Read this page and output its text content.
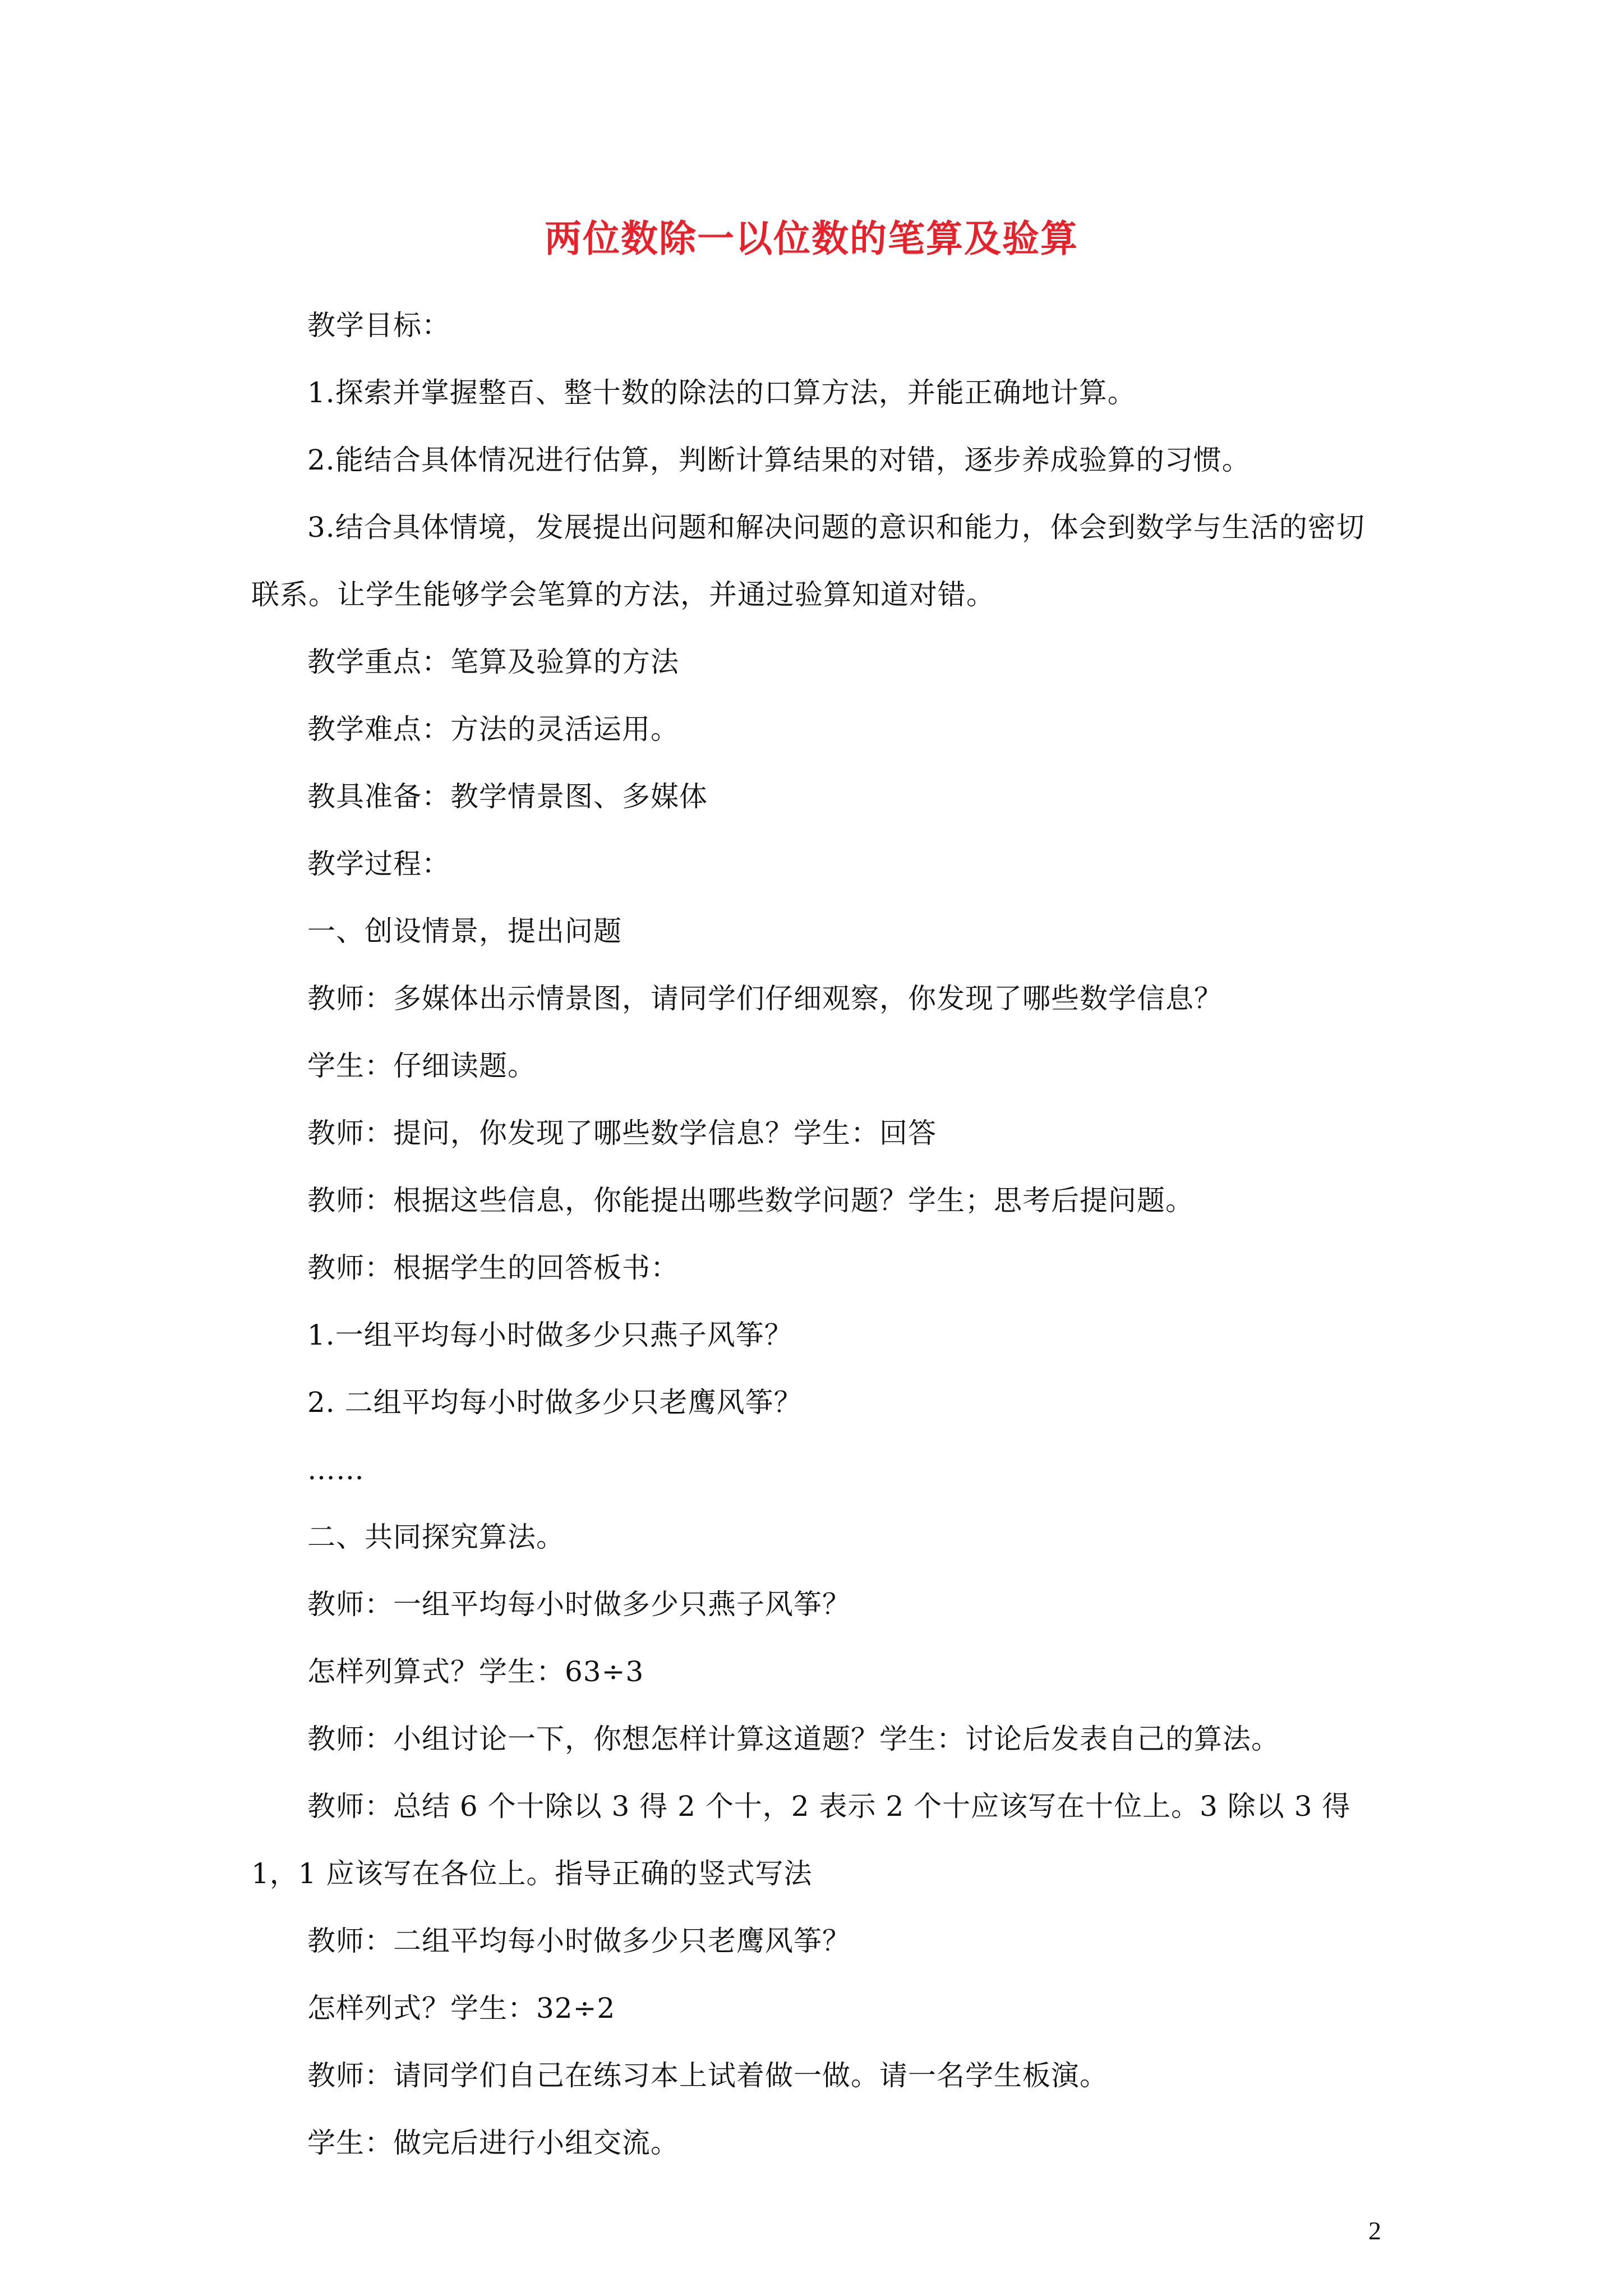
两位数除一以位数的笔算及验算
教学目标：
1.探索并掌握整百、整十数的除法的口算方法，并能正确地计算。
2.能结合具体情况进行估算，判断计算结果的对错，逐步养成验算的习惯。
3.结合具体情境，发展提出问题和解决问题的意识和能力，体会到数学与生活的密切联系。让学生能够学会笔算的方法，并通过验算知道对错。
教学重点：笔算及验算的方法
教学难点：方法的灵活运用。
教具准备：教学情景图、多媒体
教学过程：
一、创设情景，提出问题
教师：多媒体出示情景图，请同学们仔细观察，你发现了哪些数学信息？
学生：仔细读题。
教师：提问，你发现了哪些数学信息？学生：回答
教师：根据这些信息，你能提出哪些数学问题？学生；思考后提问题。
教师：根据学生的回答板书：
1.一组平均每小时做多少只燕子风筝？
2. 二组平均每小时做多少只老鹰风筝？
……
二、共同探究算法。
教师：一组平均每小时做多少只燕子风筝？
怎样列算式？学生：63÷3
教师：小组讨论一下，你想怎样计算这道题？学生：讨论后发表自己的算法。
教师：总结 6 个十除以 3 得 2 个十，2 表示 2 个十应该写在十位上。3 除以 3 得 1，1 应该写在各位上。指导正确的竖式写法
教师：二组平均每小时做多少只老鹰风筝？
怎样列式？学生：32÷2
教师：请同学们自己在练习本上试着做一做。请一名学生板演。
学生：做完后进行小组交流。
2
